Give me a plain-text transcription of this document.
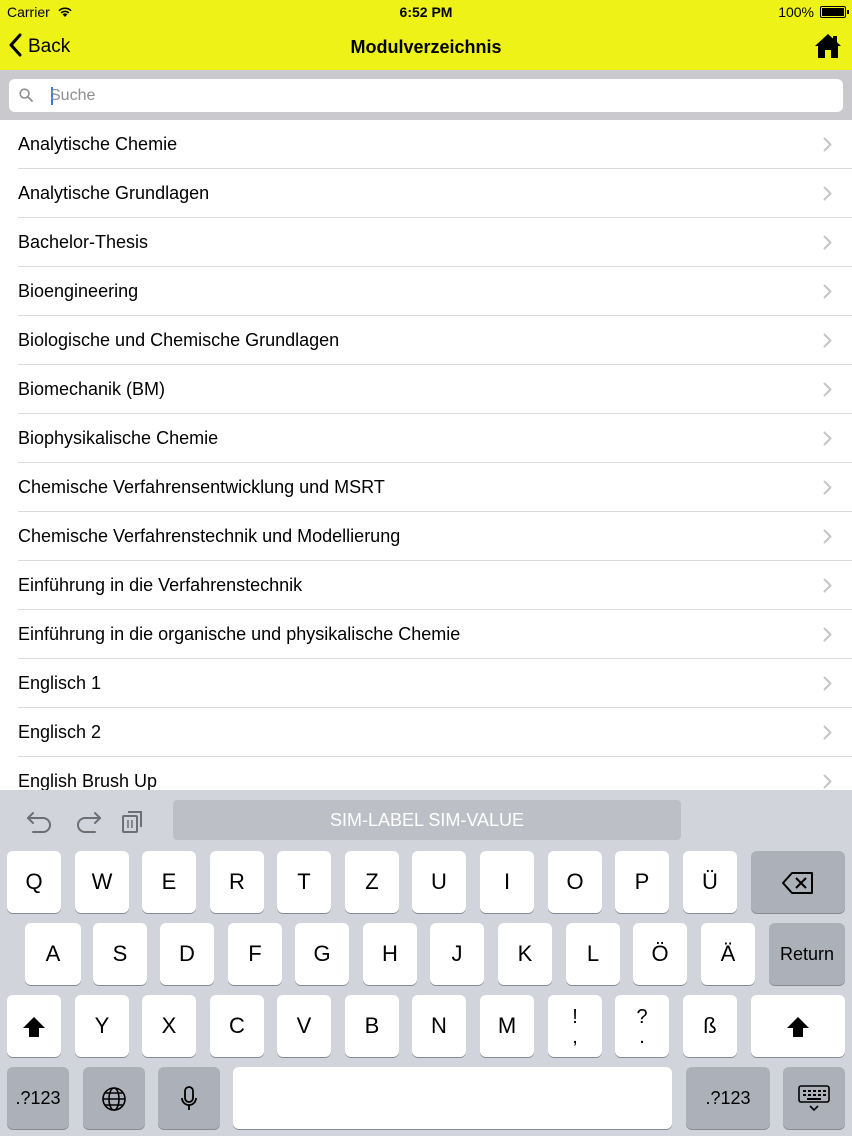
Carrier	6:52 PM	100%
Back	Modulverzeichnis
Suche
Analytische Chemie
Analytische Grundlagen
Bachelor-Thesis
Bioengineering
Biologische und Chemische Grundlagen
Biomechanik (BM)
Biophysikalische Chemie
Chemische Verfahrensentwicklung und MSRT
Chemische Verfahrenstechnik und Modellierung
Einführung in die Verfahrenstechnik
Einführung in die organische und physikalische Chemie
Englisch 1
Englisch 2
English Brush Up
SIM-LABEL SIM-VALUE
Q	W	E	R	T	Z	U	I	O	P	Ü
A	S	D	F	G	H	J	K	L	Ö	Ä	Return
Y	X	C	V	B	N	M	!
,
?
.	ß
.?123	.?123
